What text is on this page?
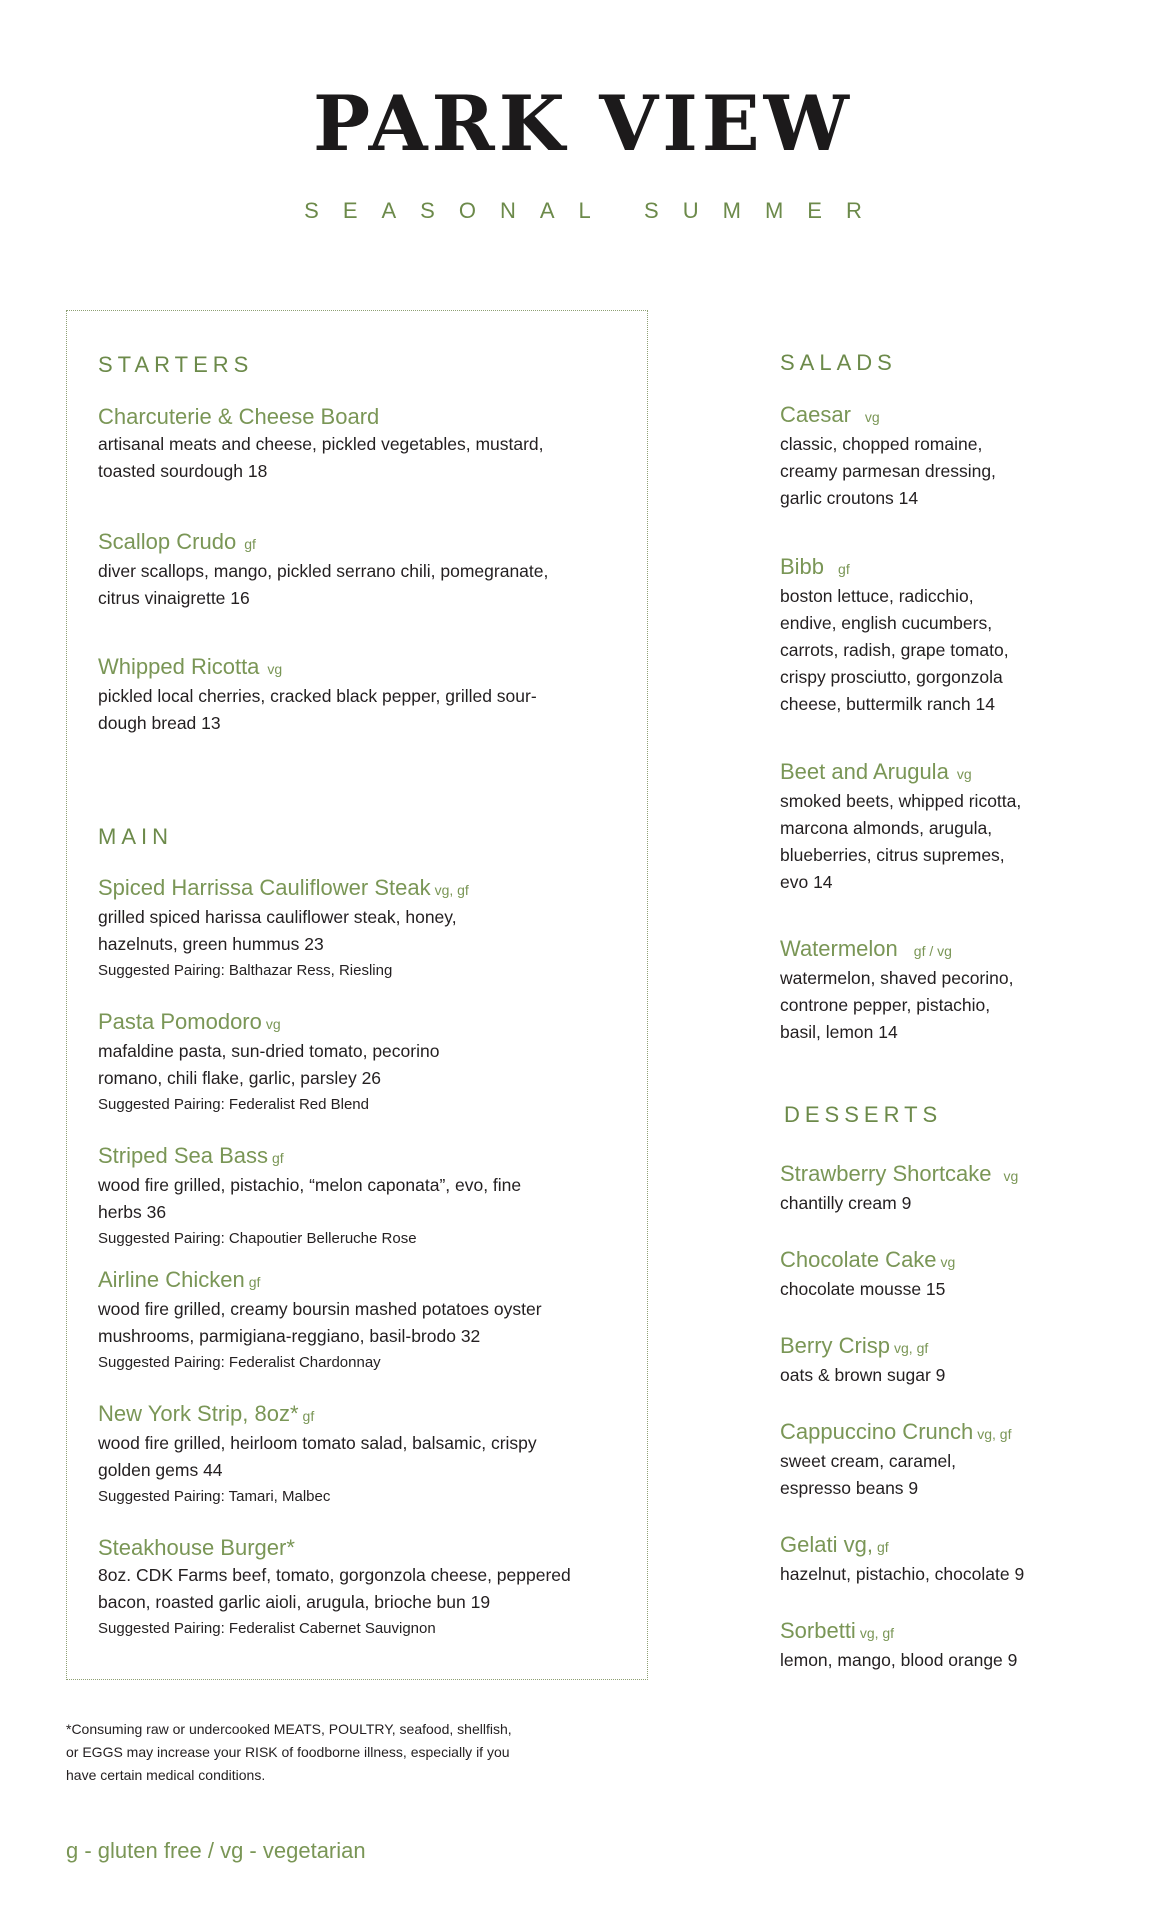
PARK VIEW
SEASONAL SUMMER
STARTERS
Charcuterie & Cheese Board
artisanal meats and cheese, pickled vegetables, mustard,
toasted sourdough 18
Scallop Crudo gf
diver scallops, mango, pickled serrano chili, pomegranate,
citrus vinaigrette 16
Whipped Ricotta vg
pickled local cherries, cracked black pepper, grilled sour-
dough bread 13
MAIN
Spiced Harrissa Cauliflower Steak vg, gf
grilled spiced harissa cauliflower steak, honey,
hazelnuts, green hummus 23
Suggested Pairing: Balthazar Ress, Riesling
Pasta Pomodoro vg
mafaldine pasta, sun-dried tomato, pecorino
romano, chili flake, garlic, parsley 26
Suggested Pairing: Federalist Red Blend
Striped Sea Bass gf
wood fire grilled, pistachio, “melon caponata”, evo, fine
herbs 36
Suggested Pairing: Chapoutier Belleruche Rose
Airline Chicken gf
wood fire grilled, creamy boursin mashed potatoes oyster
mushrooms, parmigiana-reggiano, basil-brodo 32
Suggested Pairing: Federalist Chardonnay
New York Strip, 8oz* gf
wood fire grilled, heirloom tomato salad, balsamic, crispy
golden gems 44
Suggested Pairing: Tamari, Malbec
Steakhouse Burger*
8oz. CDK Farms beef, tomato, gorgonzola cheese, peppered
bacon, roasted garlic aioli, arugula, brioche bun 19
Suggested Pairing: Federalist Cabernet Sauvignon
SALADS
Caesar vg
classic, chopped romaine,
creamy parmesan dressing,
garlic croutons 14
Bibb gf
boston lettuce, radicchio,
endive, english cucumbers,
carrots, radish, grape tomato,
crispy prosciutto, gorgonzola
cheese, buttermilk ranch 14
Beet and Arugula vg
smoked beets, whipped ricotta,
marcona almonds, arugula,
blueberries, citrus supremes,
evo 14
Watermelon gf / vg
watermelon, shaved pecorino,
controne pepper, pistachio,
basil, lemon 14
DESSERTS
Strawberry Shortcake vg
chantilly cream 9
Chocolate Cake vg
chocolate mousse 15
Berry Crisp vg, gf
oats & brown sugar 9
Cappuccino Crunch vg, gf
sweet cream, caramel,
espresso beans 9
Gelati vg, gf
hazelnut, pistachio, chocolate 9
Sorbetti vg, gf
lemon, mango, blood orange 9
*Consuming raw or undercooked MEATS, POULTRY, seafood, shellfish,
or EGGS may increase your RISK of foodborne illness, especially if you
have certain medical conditions.
g - gluten free / vg - vegetarian
